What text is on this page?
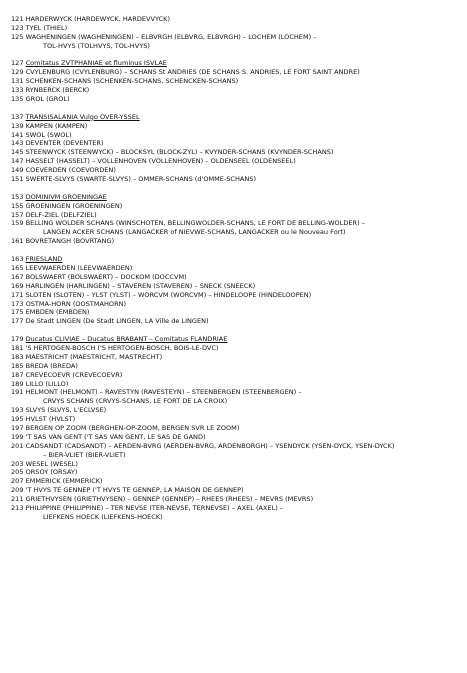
121 HARDERWYCK (HARDEWYCK, HARDEVVYCK)
123 TYEL (THIEL)
125 WAGHENINGEN (WAGHENINGEN) – ELBVRGH (ELBVRG, ELBVRGH) – LOCHEM (LOCHEM) –
TOL-HVYS (TOLHVYS, TOL-HVYS)
127 Comitatus ZVTPHANIAE et fluminus ISVLAE
129 CVYLENBURG (CVYLENBURG) – SCHANS St ANDRIES (DE SCHANS S. ANDRIES, LE FORT SAINT ANDRE)
131 SCHENKEN-SCHANS (SCHENKEN-SCHANS, SCHENCKEN-SCHANS)
133 RYNBERCK (BERCK)
135 GROL (GROL)
137 TRANSISALANIA Vulgo OVER-YSSEL
139 KAMPEN (KAMPEN)
141 SWOL (SWOL)
143 DEVENTER (DEVENTER)
145 STEENWYCK (STEENWYCK) – BLOCKSYL (BLOCK-ZYL) – KVYNDER-SCHANS (KVYNDER-SCHANS)
147 HASSELT (HASSELT) – VOLLENHOVEN (VOLLENHOVEN) – OLDENSEEL (OLDENSEEL)
149 COEVERDEN (COEVORDEN)
151 SWERTE-SLVYS (SWARTE-SLVYS) – OMMER-SCHANS (d'OMME-SCHANS)
153 DOMINIVM GROENINGAE
155 GROENINGEN (GROENINGEN)
157 DELF-ZIEL (DELFZIEL)
159 BELLING WOLDER SCHANS (WINSCHOTEN, BELLINGWOLDER-SCHANS, LE FORT DE BELLING-WOLDER) –
LANGEN ACKER SCHANS (LANGACKER of NIEVWE-SCHANS, LANGACKER ou le Nouveau Fort)
161 BOVRETANGH (BOVRTANG)
163 FRIESLAND
165 LEEVWAERDEN (LEEVWAERDEN)
167 BOLSWAERT (BOLSWAERT) – DOCKOM (DOCCVM)
169 HARLINGEN (HARLINGEN) – STAVEREN (STAVEREN) – SNECK (SNEECK)
171 SLOTEN (SLOTEN) – YLST (YLST) – WORCVM (WORCVM) – HINDELOOPE (HINDELOOPEN)
173 OSTMA-HORN (OOSTMAHORN)
175 EMBDEN (EMBDEN)
177 De Stadt LINGEN (De Stadt LINGEN, LA Ville de LINGEN)
179 Ducatus CLIVIAE – Ducatus BRABANT – Comitatus FLANDRIAE
181 'S HERTOGEN-BOSCH ('S HERTOGEN-BOSCH, BOIS-LE-DVC)
183 MAESTRICHT (MAESTRICHT, MASTRECHT)
185 BREDA (BREDA)
187 CREVECOEVR (CREVECOEVR)
189 LILLO (LILLO)
191 HELMONT (HELMONT) – RAVESTYN (RAVESTEYN) – STEENBERGEN (STEENBERGEN) –
CRVYS SCHANS (CRVYS-SCHANS, LE FORT DE LA CROIX)
193 SLVYS (SLVYS, L'ECLVSE)
195 HVLST (HVLST)
197 BERGEN OP ZOOM (BERGHEN-OP-ZOOM, BERGEN SVR LE ZOOM)
199 'T SAS VAN GENT ('T SAS VAN GENT, LE SAS DE GAND)
201 CADSANDT (CADSANDT) – AERDEN-BVRG (AERDEN-BVRG, ARDENBORGH) – YSENDYCK (YSEN-DYCK, YSEN-DYCK)
– BIER-VLIET (BIER-VLIET)
203 WESEL (WESEL)
205 ORSOY (ORSAY)
207 EMMERICK (EMMERICK)
209 'T HVYS TE GENNEP ('T HVYS TE GENNEP, LA MAISON DE GENNEP)
211 GRIETHVYSEN (GRIETHVYSEN) – GENNEP (GENNEP) – RHEES (RHEES) – MEVRS (MEVRS)
213 PHILIPPINE (PHILIPPINE) – TER NEVSE (TER-NEVSE, TERNEVSE) – AXEL (AXEL) –
LIEFKENS HOECK (LIEFKENS-HOECK)
